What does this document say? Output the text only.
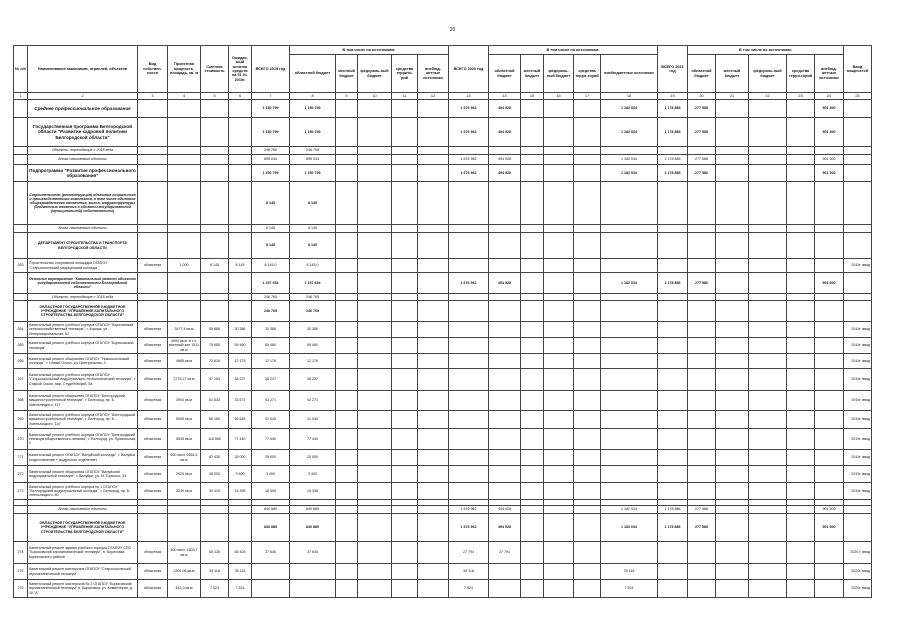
20
№ п/п	Наименование заказчиков, отраслей, объектов	Вид собствен-ности	Проектная мощность, площадь, кв. м	Сметная стоимость	Ожидае-мый остаток средств на 01.01. 2019г.	ВСЕГО 2019 год	В том числе по источникам:					ВСЕГО 2020 год	В том числе по источникам:					ВСЕГО 2021 год	В том числе по источникам:					Ввод мощностей
							областной бюджет	местный бюджет	федераль-ный бюджет	средства террито-рий	внебюд-жетные источники		областной бюджет	местный бюджет	федераль-ный бюджет	средства терри-торий	внебюджетные источники		областной бюджет	местный бюджет	федераль-ный бюджет	средства терри-торий	внебюд-жетные источники	
1	2	3	4	5	6	7	8	9	10	11	12	13	14	15	16	17	18	19	20	21	22	23	24	25
	Среднее профессиональное образование					1 150 799	1 150 799					1 676 962	494 928				1 182 034	1 178 885	277 585				901 300	
	Государственная программа Белгородской области "Развитие кадровой политики Белгородской области"					1 150 799	1 150 799					1 676 962	494 928				1 182 034	1 178 885	277 585				901 300	
	Объекты, переходящие с 2018 года					246 765	246 765																	
	Вновь начинаемые объекты					895 034	895 034					1 676 962	494 928				1 182 034	1 178 885	277 586				901 300	
	Подпрограмма "Развитие профессионального образования"					1 150 799	1 150 799					1 676 962	494 928				1 182 034	1 178 885	277 586				901 300	
	Строительство (реконструкция) объектов социального и производственного комплексов, в том числе объектов общегражданского назначения, жилья, инфраструктуры (бюджетные вложения в объекты государственной (муниципальной) собственности)					8 145	8 145																	
	Вновь начинаемые объекты					8 145	8 145																	
	ДЕПАРТАМЕНТ СТРОИТЕЛЬСТВА И ТРАНСПОРТА БЕЛГОРОДСКОЙ ОБЛАСТИ					8 145	8 145																	
263	Строительство спортивной площадки ОГАПОУ "Старооскольский медицинский колледж"	областная	1 000	8 145	8 145	8 145,0	8 145,0																	2019г. ввод
	Основное мероприятие "Капитальный ремонт объектов государственной собственности Белгородской области"					1 157 654	1 157 654					1 676 962	494 928				1 182 034	1 178 886	277 586				901 300	
	Объекты, переходящие с 2018 года					246 765	246 765																	
	ОБЛАСТНОЕ ГОСУДАРСТВЕННОЕ БЮДЖЕТНОЕ УЧРЕЖДЕНИЕ "УПРАВЛЕНИЕ КАПИТАЛЬНОГО СТРОИТЕЛЬСТВА БЕЛГОРОДСКОЙ ОБЛАСТИ"					246 765	246 765																	
264	Капитальный ремонт учебного корпуса ОГАПОУ "Корочанский сельскохозяйственный техникум", г. Короча, ул. Интернациональная, 62	областная	3477,4 кв.м	55 886	30 386	30 386	30 386																	2019г. ввод
265	Капитальный ремонт учебного корпуса ОГАПОУ "Борисовский техникум"	областная	4594 кв.м. в т.ч. военный зал 1511 кв.м	75 685	59 460	59 460	59 460																	2019г. ввод
266	Капитальный ремонт общежития ОГАПОУ "Новооскольский колледж", г. Новый Оскол, ул. Центральная, 3	областная	4685 кв.м	72 816	12 176	12 176	12 176																	2019г. ввод
267	Капитальный ремонт учебного корпуса ОГАПОУ "Старооскольский индустриально-технологический техникум", г. Старый Оскол, мкр. Студенческий, 5а	областная	2776,27 кв.м	47 164	38 237	38 237	38 237																	2019г. ввод
268	Капитальный ремонт общежития ОГАПОУ "Белгородский машиностроительный техникум", г. Белгород, пр. Б. Хмельницкого, 117	областная	3904 кв.м	61 833	33 671	43 271	43 271																	2019г. ввод
269	Капитальный ремонт учебного корпуса ОГАПОУ "Белгородский машиностроительный техникум", г. Белгород, пр. Б. Хмельницкого, 119	областная	5095 кв.м	86 160	56 645	41 045	41 045																	2019г. ввод
270	Капитальный ремонт учебного корпуса ОГАПОУ "Белгородский техникум общественного питания", г. Белгород, ул. Привольная, 2	областная	5535 кв.м	116 550	77 440	77 440	77 440																	2019г. ввод
271	Капитальный ремонт ОГАПОУ "Валуйский колледж", г. Валуйки. (подготовление + модульное отделение)	областная	650 мест 2654,5 кв.м	87 430	25 000	25 000	25 000																	2019г. ввод
272	Капитальный ремонт общежития ОГАПОУ "Валуйский индустриальный техникум", г. Валуйки, ул. М. Горького, 34	областная	2929 кв.м	45 000	3 400	3 400	3 400																	2019г. ввод
273	Капитальный ремонт учебного корпуса № 1 ОГАПОУ "Белгородский индустриальный колледж", г. Белгород, пр. Б. Хмельницкого, 80	областная	3249 кв.м	30 419	15 398	15 398	15 398																	2019г. ввод

	Вновь начинаемые объекты					840 889	840 889					1 676 962	494 928				1 182 034	1 178 886	277 586				901 300	
	ОБЛАСТНОЕ ГОСУДАРСТВЕННОЕ БЮДЖЕТНОЕ УЧРЕЖДЕНИЕ "УПРАВЛЕНИЕ КАПИТАЛЬНОГО СТРОИТЕЛЬСТВА БЕЛГОРОДСКОЙ ОБЛАСТИ"					840 889	840 889					1 676 962	494 928				1 182 034	1 178 886	277 586				901 300	
274	Капитальный ремонт здания учебного корпуса ОГАПОУ СПО "Борисовский агромеханический техникум", п. Борисовка Борисовского района	областная	400 мест 4303,7 кв.м	65 426	65 426	37 645	37 645					27 794	27 794											2020 г. ввод
275	Капитальный ремонт мастерских ОГАПОУ "Старооскольский агромеханический техникум"	областная	2301,06 кв.м	39 118	39 118							39 118					39 118							2020г. ввод
276	Капитальный ремонт мастерской № 2 ОГАПОУ "Борисовский агромеханический техникум" п. Борисовка, ул. Коминтерна, д. 10 "А"	областная	442,0 кв.м	7 524	7 524							7 524					7 524							2020г. ввод
